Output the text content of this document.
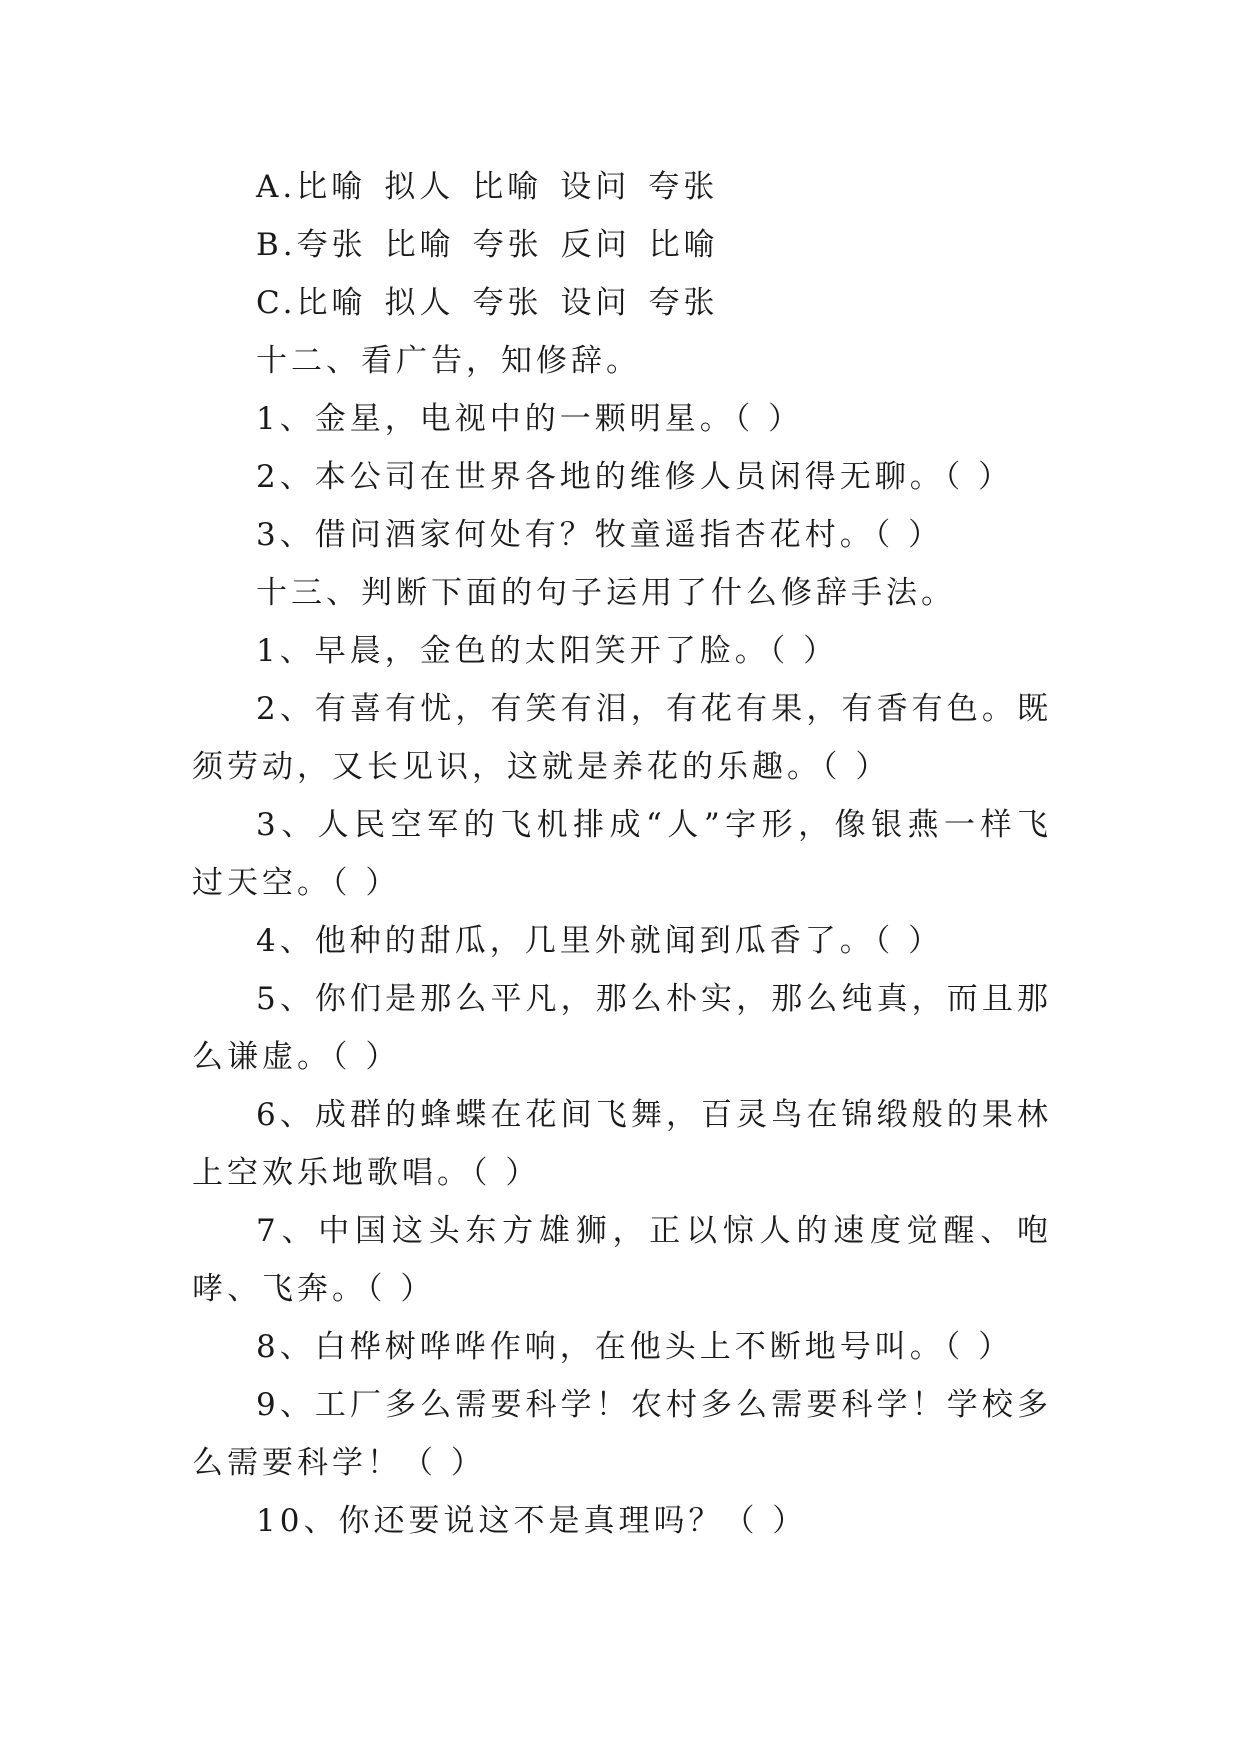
A.比喻 拟人 比喻 设问 夸张
B.夸张 比喻 夸张 反问 比喻
C.比喻 拟人 夸张 设问 夸张
十二、看广告，知修辞。
1、金星，电视中的一颗明星。（ ）
2、本公司在世界各地的维修人员闲得无聊。（ ）
3、借问酒家何处有？牧童遥指杏花村。（ ）
十三、判断下面的句子运用了什么修辞手法。
1、早晨，金色的太阳笑开了脸。（ ）
2、有喜有忧，有笑有泪，有花有果，有香有色。既须劳动，又长见识，这就是养花的乐趣。（ ）
3、人民空军的飞机排成“人”字形，像银燕一样飞过天空。（ ）
4、他种的甜瓜，几里外就闻到瓜香了。（ ）
5、你们是那么平凡，那么朴实，那么纯真，而且那么谦虚。（ ）
6、成群的蜂蝶在花间飞舞，百灵鸟在锦缎般的果林上空欢乐地歌唱。（ ）
7、中国这头东方雄狮，正以惊人的速度觉醒、咆哮、飞奔。（ ）
8、白桦树哗哗作响，在他头上不断地号叫。（ ）
9、工厂多么需要科学！农村多么需要科学！学校多么需要科学！（ ）
10、你还要说这不是真理吗？（ ）
